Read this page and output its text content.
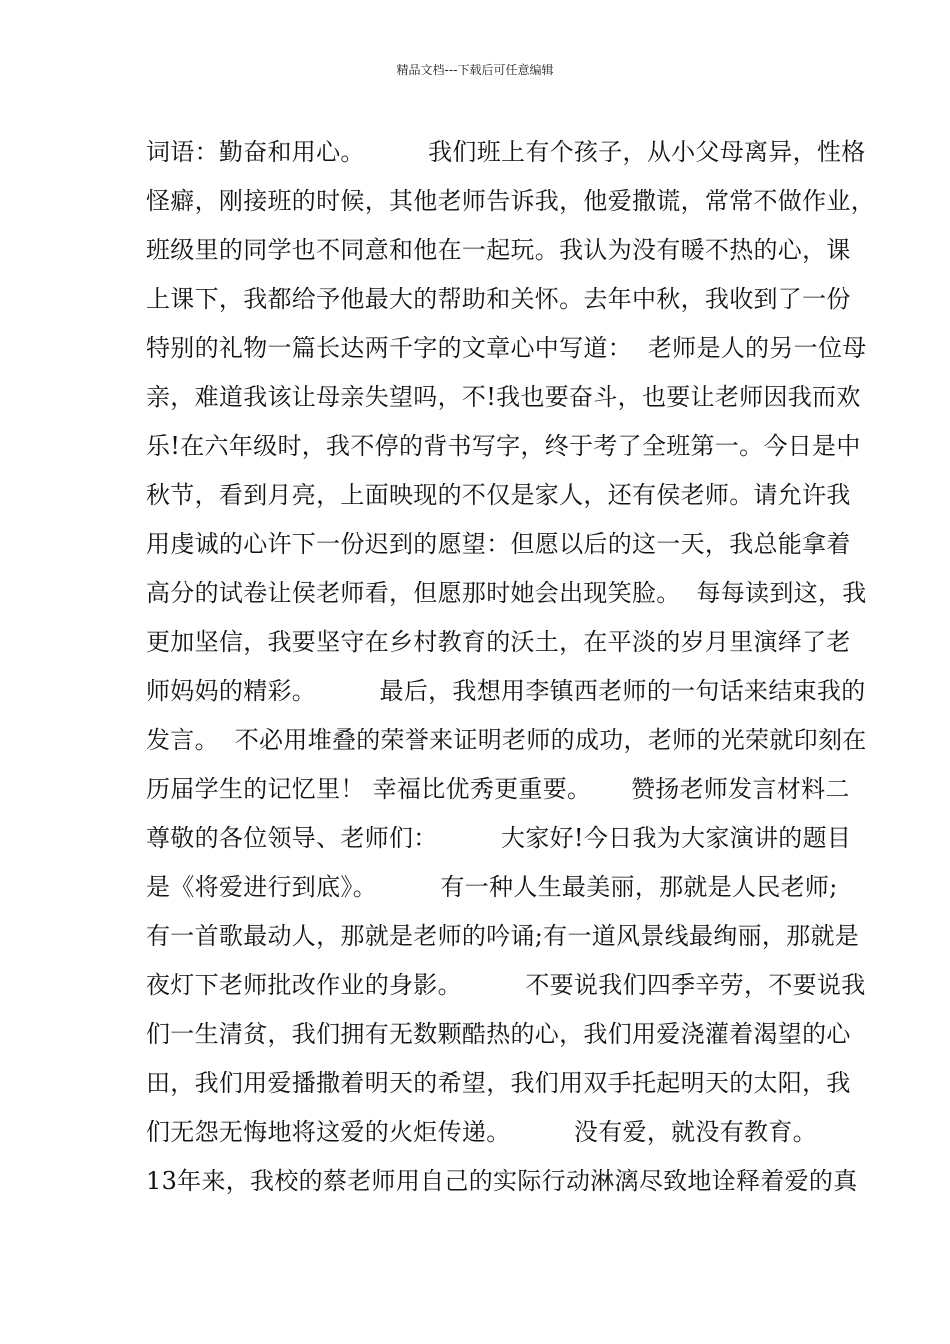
精品文档---下载后可任意编辑
词语：勤奋和用心。        我们班上有个孩子，从小父母离异，性格
怪癖，刚接班的时候，其他老师告诉我，他爱撒谎，常常不做作业，
班级里的同学也不同意和他在一起玩。我认为没有暖不热的心，课
上课下，我都给予他最大的帮助和关怀。去年中秋，我收到了一份
特别的礼物一篇长达两千字的文章心中写道：  老师是人的另一位母
亲，难道我该让母亲失望吗，不!我也要奋斗，也要让老师因我而欢
乐!在六年级时，我不停的背书写字，终于考了全班第一。今日是中
秋节，看到月亮，上面映现的不仅是家人，还有侯老师。请允许我
用虔诚的心许下一份迟到的愿望：但愿以后的这一天，我总能拿着
高分的试卷让侯老师看，但愿那时她会出现笑脸。  每每读到这，我
更加坚信，我要坚守在乡村教育的沃土，在平淡的岁月里演绎了老
师妈妈的精彩。        最后，我想用李镇西老师的一句话来结束我的
发言。  不必用堆叠的荣誉来证明老师的成功，老师的光荣就印刻在
历届学生的记忆里！ 幸福比优秀更重要。     赞扬老师发言材料二
尊敬的各位领导、老师们：        大家好!今日我为大家演讲的题目
是《将爱进行到底》。        有一种人生最美丽，那就是人民老师;
有一首歌最动人，那就是老师的吟诵;有一道风景线最绚丽，那就是
夜灯下老师批改作业的身影。        不要说我们四季辛劳，不要说我
们一生清贫，我们拥有无数颗酷热的心，我们用爱浇灌着渴望的心
田，我们用爱播撒着明天的希望，我们用双手托起明天的太阳，我
们无怨无悔地将这爱的火炬传递。        没有爱，就没有教育。
13年来，我校的蔡老师用自己的实际行动淋漓尽致地诠释着爱的真
